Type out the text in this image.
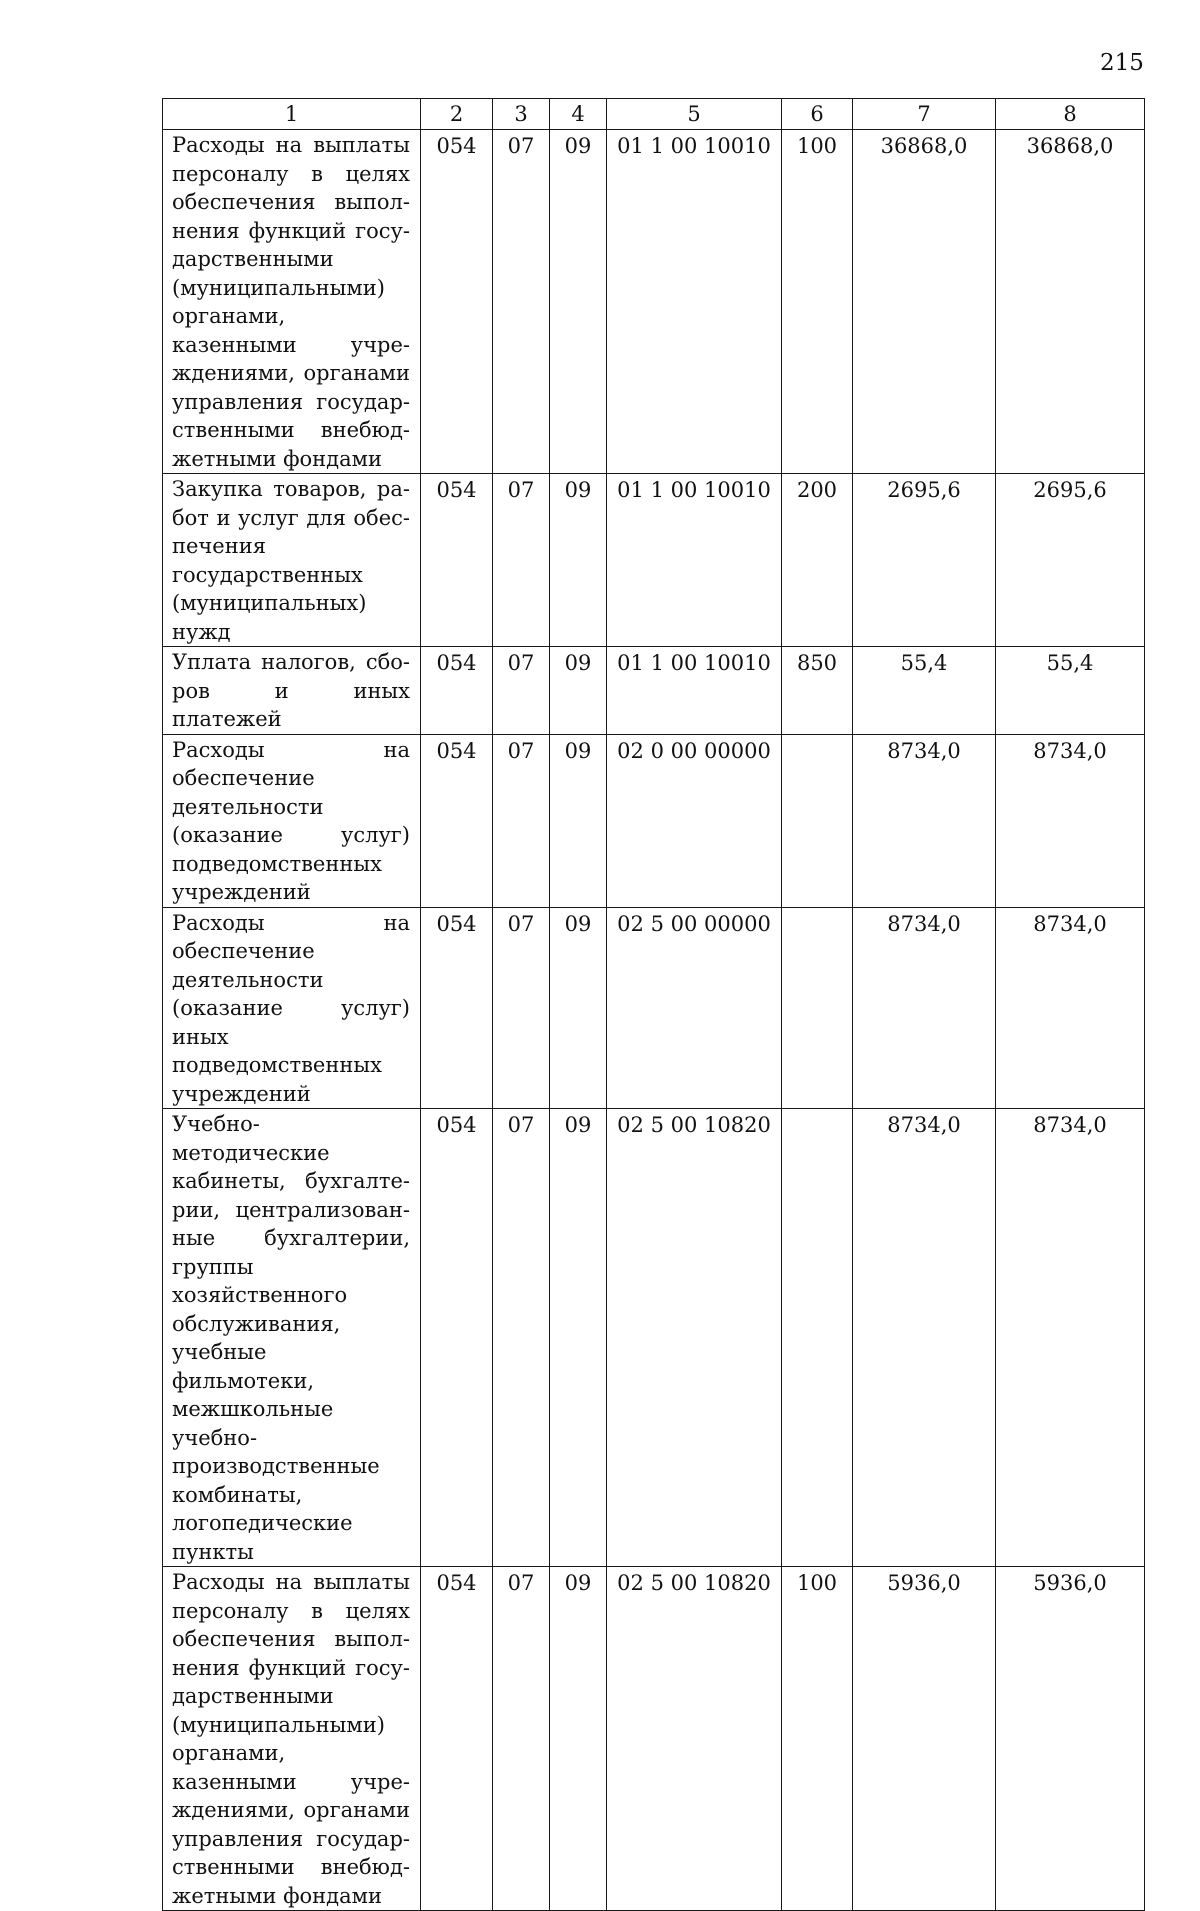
215
1	2	3	4	5	6	7	8
Расходы на выплаты персоналу в целях обеспечения выполнения функций государственными (муниципальными) органами, казенными учреждениями, органами управления государственными внебюджетными фондами	054	07	09	01 1 00 10010	100	36868,0	36868,0
Закупка товаров, работ и услуг для обеспечения государственных (муниципальных) нужд	054	07	09	01 1 00 10010	200	2695,6	2695,6
Уплата налогов, сборов и иных платежей	054	07	09	01 1 00 10010	850	55,4	55,4
Расходы на обеспечение деятельности (оказание услуг) подведомственных учреждений	054	07	09	02 0 00 00000		8734,0	8734,0
Расходы на обеспечение деятельности (оказание услуг) иных подведомственных учреждений	054	07	09	02 5 00 00000		8734,0	8734,0
Учебно-методические кабинеты, бухгалтерии, централизованные бухгалтерии, группы хозяйственного обслуживания, учебные фильмотеки, межшкольные учебно-производственные комбинаты, логопедические пункты	054	07	09	02 5 00 10820		8734,0	8734,0
Расходы на выплаты персоналу в целях обеспечения выполнения функций государственными (муниципальными) органами, казенными учреждениями, органами управления государственными внебюджетными фондами	054	07	09	02 5 00 10820	100	5936,0	5936,0
